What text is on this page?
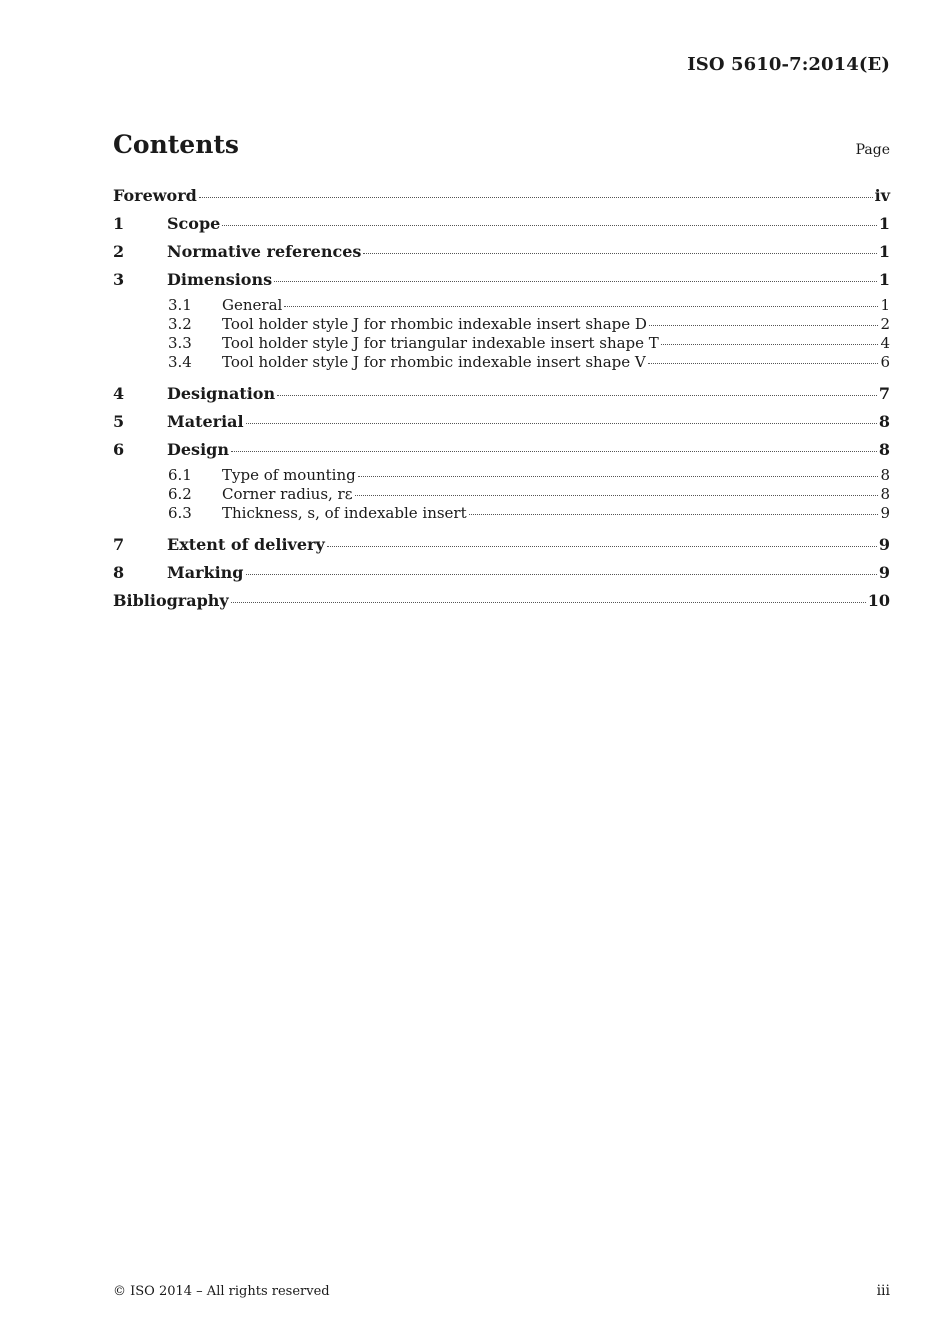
ISO 5610-7:2014(E)
Contents	Page
Foreword	iv
1	Scope	1
2	Normative references	1
3	Dimensions	1
3.1	General	1
3.2	Tool holder style J for rhombic indexable insert shape D	2
3.3	Tool holder style J for triangular indexable insert shape T	4
3.4	Tool holder style J for rhombic indexable insert shape V	6
4	Designation	7
5	Material	8
6	Design	8
6.1	Type of mounting	8
6.2	Corner radius, rε	8
6.3	Thickness, s, of indexable insert	9
7	Extent of delivery	9
8	Marking	9
Bibliography	10
© ISO 2014 – All rights reserved	iii
